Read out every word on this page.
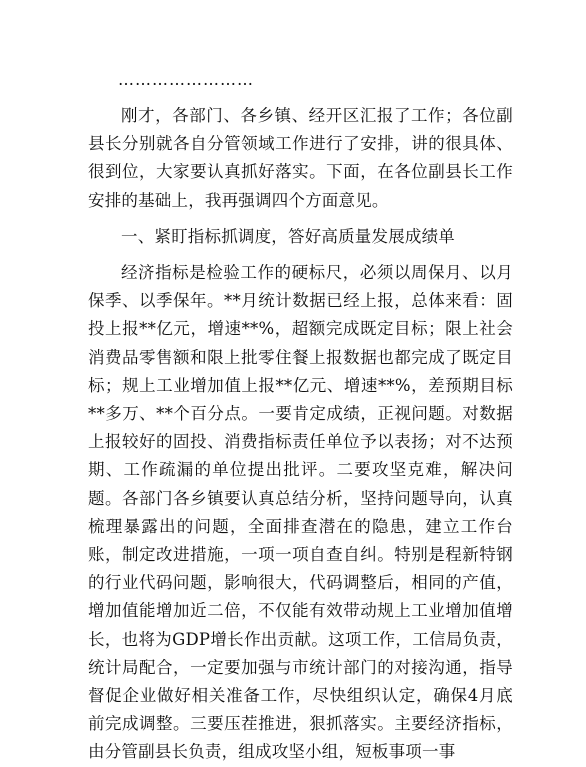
……………………

刚才，各部门、各乡镇、经开区汇报了工作；各位副县长分别就各自分管领域工作进行了安排，讲的很具体、很到位，大家要认真抓好落实。下面，在各位副县长工作安排的基础上，我再强调四个方面意见。

一、紧盯指标抓调度，答好高质量发展成绩单

经济指标是检验工作的硬标尺，必须以周保月、以月保季、以季保年。**月统计数据已经上报，总体来看：固投上报**亿元，增速**%，超额完成既定目标；限上社会消费品零售额和限上批零住餐上报数据也都完成了既定目标；规上工业增加值上报**亿元、增速**%，差预期目标**多万、**个百分点。一要肯定成绩，正视问题。对数据上报较好的固投、消费指标责任单位予以表扬；对不达预期、工作疏漏的单位提出批评。二要攻坚克难，解决问题。各部门各乡镇要认真总结分析，坚持问题导向，认真梳理暴露出的问题，全面排查潜在的隐患，建立工作台账，制定改进措施，一项一项自查自纠。特别是程新特钢的行业代码问题，影响很大，代码调整后，相同的产值，增加值能增加近二倍，不仅能有效带动规上工业增加值增长，也将为GDP增长作出贡献。这项工作，工信局负责，统计局配合，一定要加强与市统计部门的对接沟通，指导督促企业做好相关准备工作，尽快组织认定，确保4月底前完成调整。三要压茬推进，狠抓落实。主要经济指标，由分管副县长负责，组成攻坚小组，短板事项一事
